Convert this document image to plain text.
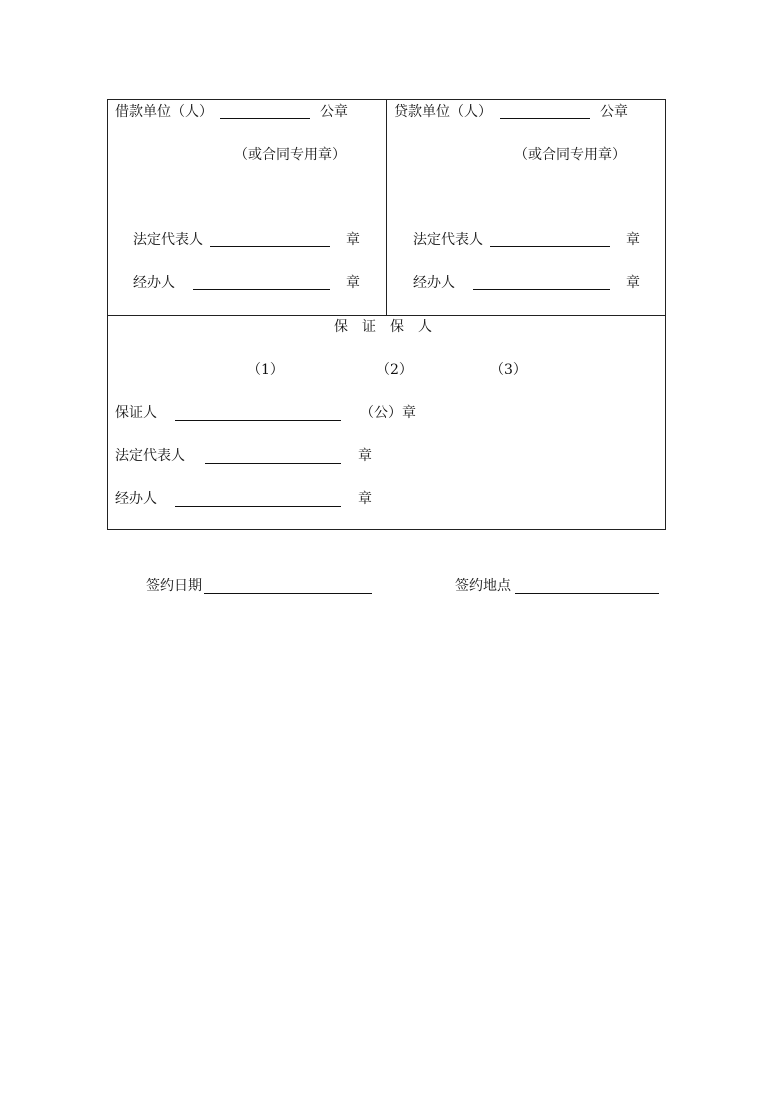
借款单位（人）	公章
（或合同专用章）
法定代表人	章
经办人	章
贷款单位（人）	公章
（或合同专用章）
法定代表人	章
经办人	章
保证保人
（1）	（2）	（3）
保证人	（公）章
法定代表人	章
经办人	章
签约日期	签约地点
